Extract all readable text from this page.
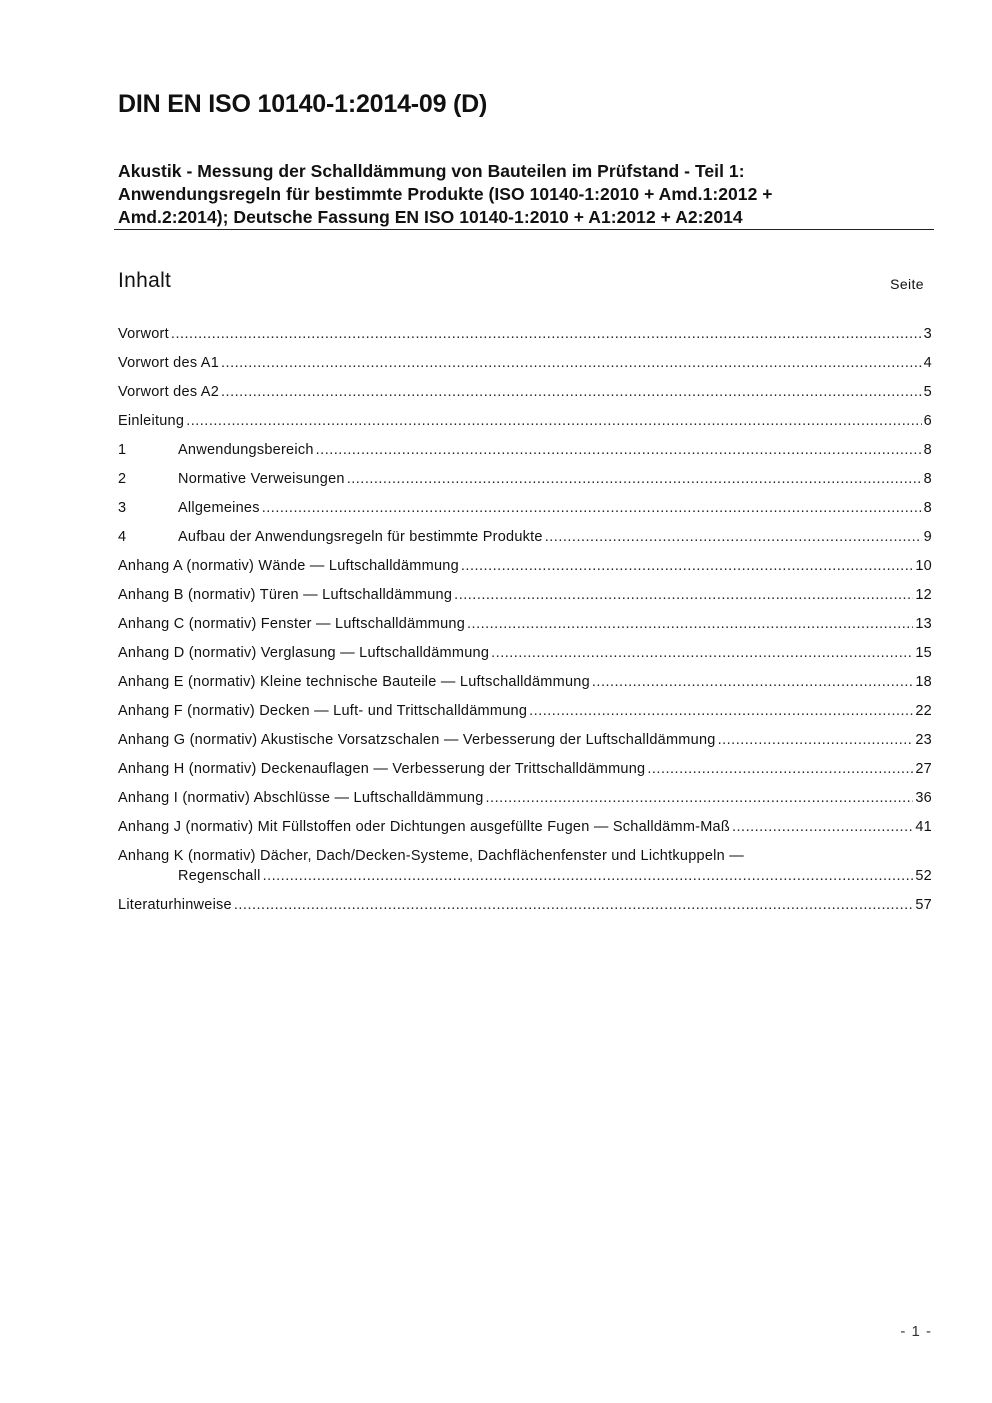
DIN EN ISO 10140-1:2014-09 (D)
Akustik - Messung der Schalldämmung von Bauteilen im Prüfstand - Teil 1:
Anwendungsregeln für bestimmte Produkte (ISO 10140-1:2010 + Amd.1:2012 +
Amd.2:2014); Deutsche Fassung EN ISO 10140-1:2010 + A1:2012 + A2:2014
Inhalt	Seite
Vorwort .....	3
Vorwort des A1 .....	4
Vorwort des A2 .....	5
Einleitung .....	6
1	Anwendungsbereich .....	8
2	Normative Verweisungen .....	8
3	Allgemeines .....	8
4	Aufbau der Anwendungsregeln für bestimmte Produkte .....	9
Anhang A (normativ) Wände — Luftschalldämmung .....	10
Anhang B (normativ) Türen — Luftschalldämmung .....	12
Anhang C (normativ) Fenster — Luftschalldämmung .....	13
Anhang D (normativ) Verglasung — Luftschalldämmung .....	15
Anhang E (normativ) Kleine technische Bauteile — Luftschalldämmung .....	18
Anhang F (normativ) Decken — Luft- und Trittschalldämmung .....	22
Anhang G (normativ) Akustische Vorsatzschalen — Verbesserung der Luftschalldämmung .....	23
Anhang H (normativ) Deckenauflagen — Verbesserung der Trittschalldämmung .....	27
Anhang I (normativ) Abschlüsse — Luftschalldämmung .....	36
Anhang J (normativ) Mit Füllstoffen oder Dichtungen ausgefüllte Fugen — Schalldämm-Maß .....	41
Anhang K (normativ) Dächer, Dach/Decken-Systeme, Dachflächenfenster und Lichtkuppeln —
Regenschall .....	52
Literaturhinweise .....	57
- 1 -
